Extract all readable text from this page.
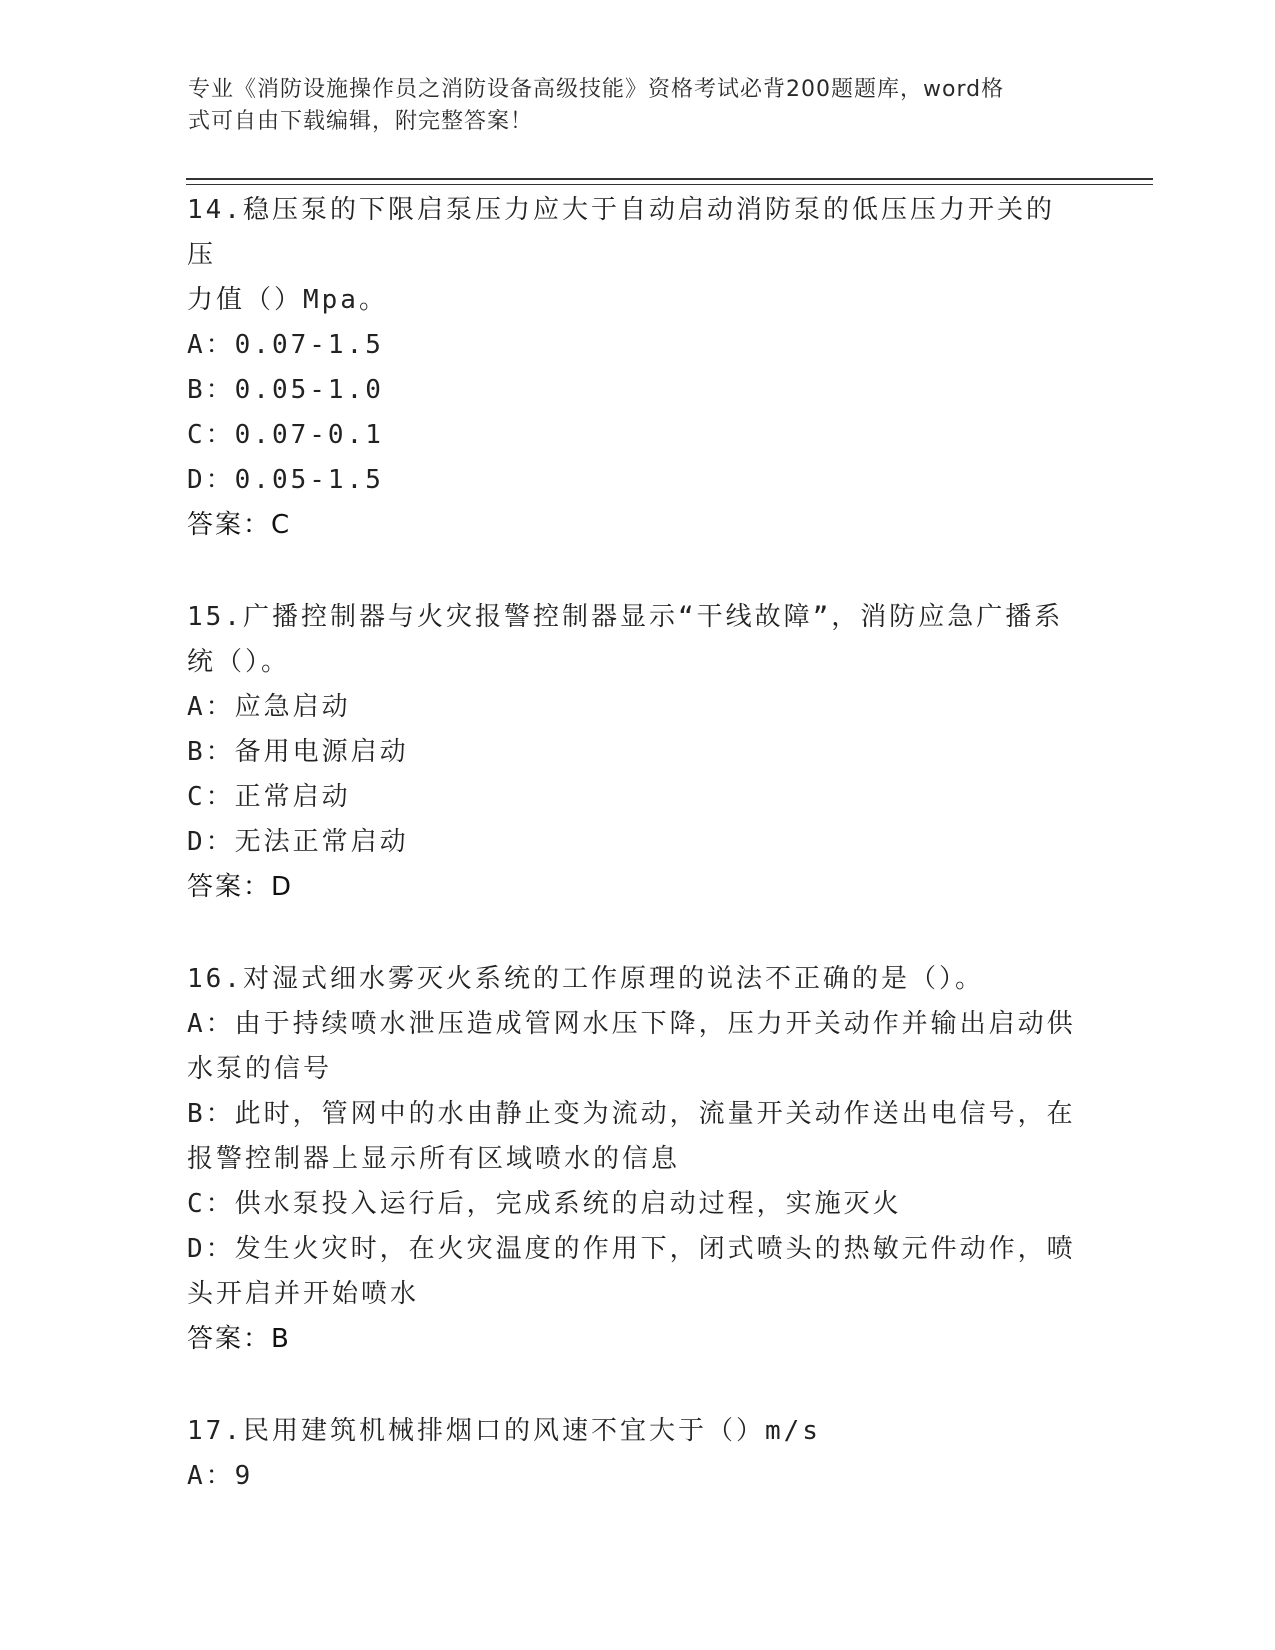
专业《消防设施操作员之消防设备高级技能》资格考试必背200题题库，word格
式可自由下载编辑，附完整答案！
14.稳压泵的下限启泵压力应大于自动启动消防泵的低压压力开关的压
力值（）Mpa。
A：0.07-1.5
B：0.05-1.0
C：0.07-0.1
D：0.05-1.5
答案：C
15.广播控制器与火灾报警控制器显示“干线故障”，消防应急广播系
统（）。
A：应急启动
B：备用电源启动
C：正常启动
D：无法正常启动
答案：D
16.对湿式细水雾灭火系统的工作原理的说法不正确的是（）。
A：由于持续喷水泄压造成管网水压下降，压力开关动作并输出启动供
水泵的信号
B：此时，管网中的水由静止变为流动，流量开关动作送出电信号，在
报警控制器上显示所有区域喷水的信息
C：供水泵投入运行后，完成系统的启动过程，实施灭火
D：发生火灾时，在火灾温度的作用下，闭式喷头的热敏元件动作，喷
头开启并开始喷水
答案：B
17.民用建筑机械排烟口的风速不宜大于（）m/s
A：9
